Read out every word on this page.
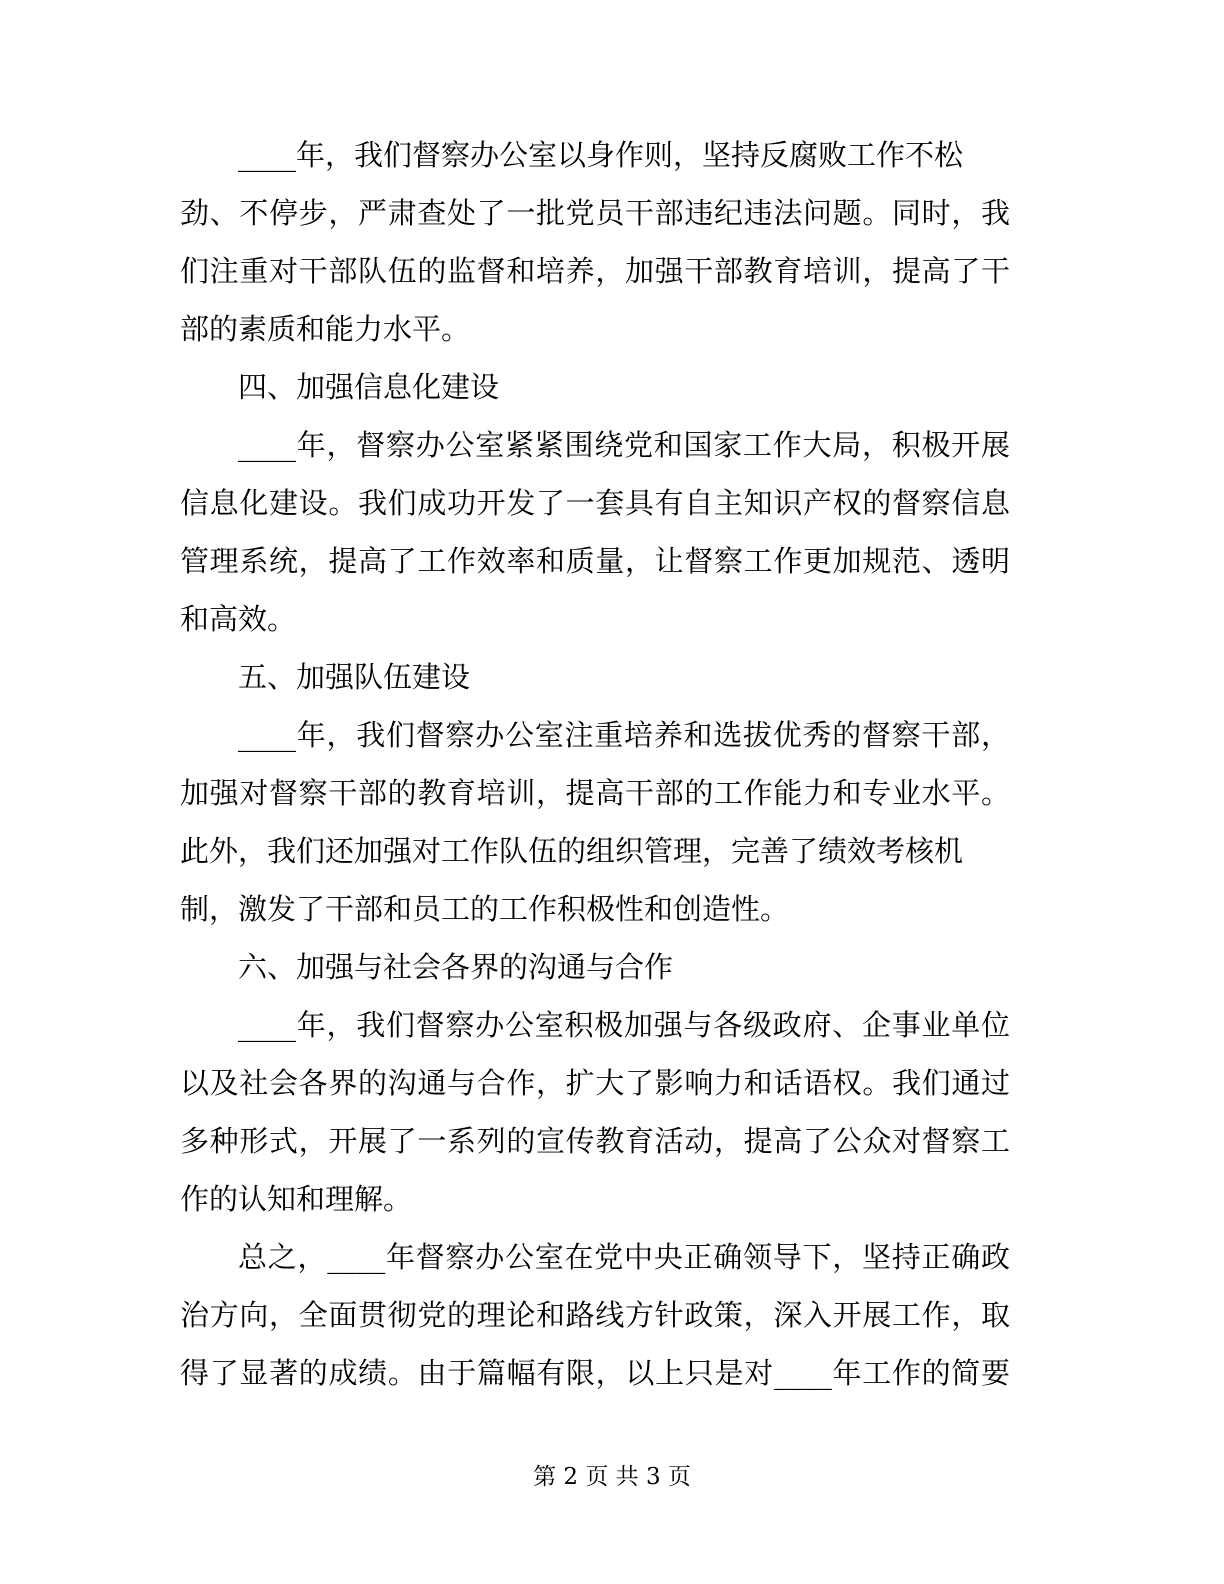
____年，我们督察办公室以身作则，坚持反腐败工作不松
劲、不停步，严肃查处了一批党员干部违纪违法问题。同时，我
们注重对干部队伍的监督和培养，加强干部教育培训，提高了干
部的素质和能力水平。
四、加强信息化建设
____年，督察办公室紧紧围绕党和国家工作大局，积极开展
信息化建设。我们成功开发了一套具有自主知识产权的督察信息
管理系统，提高了工作效率和质量，让督察工作更加规范、透明
和高效。
五、加强队伍建设
____年，我们督察办公室注重培养和选拔优秀的督察干部，
加强对督察干部的教育培训，提高干部的工作能力和专业水平。
此外，我们还加强对工作队伍的组织管理，完善了绩效考核机
制，激发了干部和员工的工作积极性和创造性。
六、加强与社会各界的沟通与合作
____年，我们督察办公室积极加强与各级政府、企事业单位
以及社会各界的沟通与合作，扩大了影响力和话语权。我们通过
多种形式，开展了一系列的宣传教育活动，提高了公众对督察工
作的认知和理解。
总之，____年督察办公室在党中央正确领导下，坚持正确政
治方向，全面贯彻党的理论和路线方针政策，深入开展工作，取
得了显著的成绩。由于篇幅有限，以上只是对____年工作的简要
第 2 页 共 3 页
